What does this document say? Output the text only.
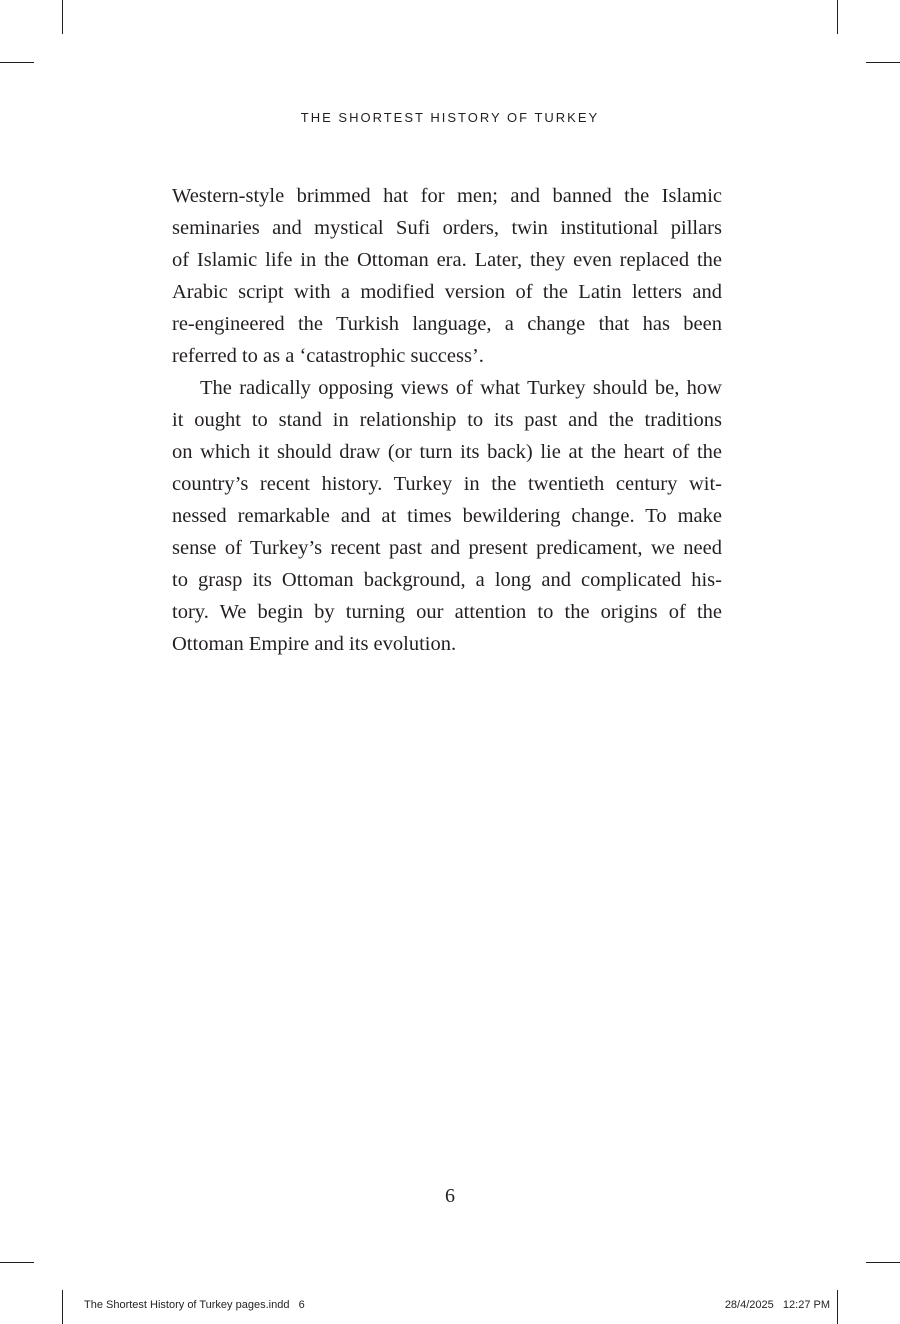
THE SHORTEST HISTORY OF TURKEY
Western-style brimmed hat for men; and banned the Islamic
seminaries and mystical Sufi orders, twin institutional pillars
of Islamic life in the Ottoman era. Later, they even replaced the
Arabic script with a modified version of the Latin letters and
re-engineered the Turkish language, a change that has been
referred to as a ‘catastrophic success’.
The radically opposing views of what Turkey should be, how
it ought to stand in relationship to its past and the traditions
on which it should draw (or turn its back) lie at the heart of the
country’s recent history. Turkey in the twentieth century wit-
nessed remarkable and at times bewildering change. To make
sense of Turkey’s recent past and present predicament, we need
to grasp its Ottoman background, a long and complicated his-
tory. We begin by turning our attention to the origins of the
Ottoman Empire and its evolution.
6
The Shortest History of Turkey pages.indd   6	28/4/2025   12:27 PM
